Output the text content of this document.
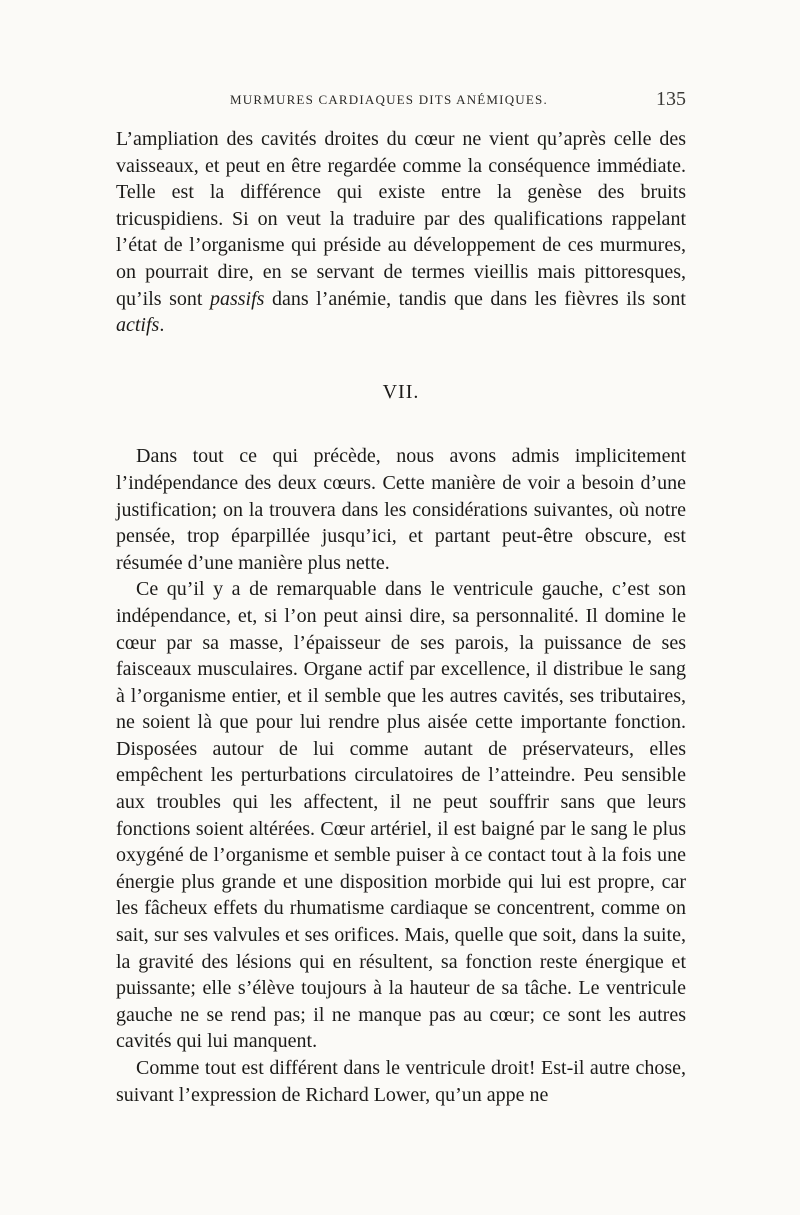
MURMURES CARDIAQUES DITS ANÉMIQUES.	135

L’ampliation des cavités droites du cœur ne vient qu’après celle des vaisseaux, et peut en être regardée comme la conséquence immédiate. Telle est la différence qui existe entre la genèse des bruits tricuspidiens. Si on veut la traduire par des qualifications rappelant l’état de l’organisme qui préside au développement de ces murmures, on pourrait dire, en se servant de termes vieillis mais pittoresques, qu’ils sont passifs dans l’anémie, tandis que dans les fièvres ils sont actifs.

VII.

Dans tout ce qui précède, nous avons admis implicitement l’indépendance des deux cœurs. Cette manière de voir a besoin d’une justification; on la trouvera dans les considérations suivantes, où notre pensée, trop éparpillée jusqu’ici, et partant peut-être obscure, est résumée d’une manière plus nette.

Ce qu’il y a de remarquable dans le ventricule gauche, c’est son indépendance, et, si l’on peut ainsi dire, sa personnalité. Il domine le cœur par sa masse, l’épaisseur de ses parois, la puissance de ses faisceaux musculaires. Organe actif par excellence, il distribue le sang à l’organisme entier, et il semble que les autres cavités, ses tributaires, ne soient là que pour lui rendre plus aisée cette importante fonction. Disposées autour de lui comme autant de préservateurs, elles empêchent les perturbations circulatoires de l’atteindre. Peu sensible aux troubles qui les affectent, il ne peut souffrir sans que leurs fonctions soient altérées. Cœur artériel, il est baigné par le sang le plus oxygéné de l’organisme et semble puiser à ce contact tout à la fois une énergie plus grande et une disposition morbide qui lui est propre, car les fâcheux effets du rhumatisme cardiaque se concentrent, comme on sait, sur ses valvules et ses orifices. Mais, quelle que soit, dans la suite, la gravité des lésions qui en résultent, sa fonction reste énergique et puissante; elle s’élève toujours à la hauteur de sa tâche. Le ventricule gauche ne se rend pas; il ne manque pas au cœur; ce sont les autres cavités qui lui manquent.

Comme tout est différent dans le ventricule droit! Est-il autre chose, suivant l’expression de Richard Lower, qu’un appe ne
